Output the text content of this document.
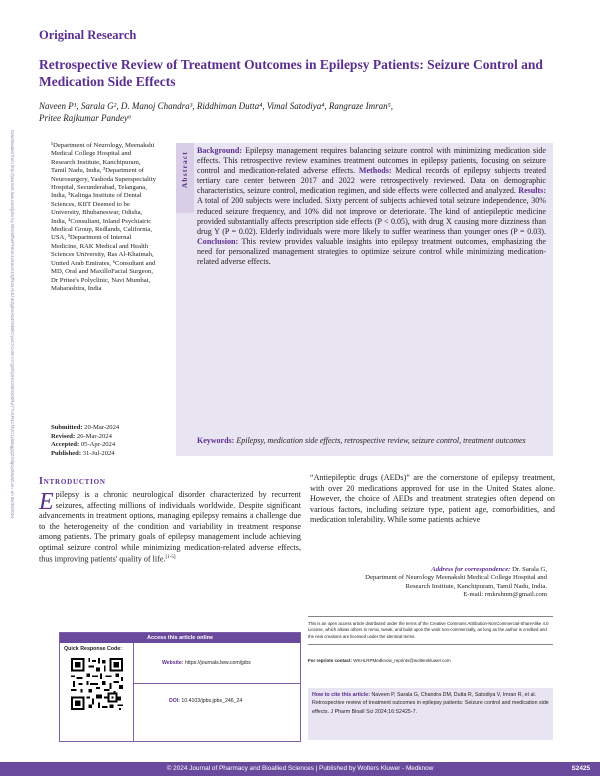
Downloaded from http://journals.lww.com/jpbs by BhDMf5ePHKav1zEoum1tQfN4a+kJLhEZgbsIHo4XMi0hCywCX1AW nYQp/IlQrHD3i3D0OdRyi7TvSFl4Cf3VC1y0abggQZXdgGj2MwlZLeI= on 05/30/2024
Original Research
Retrospective Review of Treatment Outcomes in Epilepsy Patients: Seizure Control and Medication Side Effects
Naveen P¹, Sarala G², D. Manoj Chandra³, Riddhiman Dutta⁴, Vimal Satodiya⁴, Rangraze Imran⁵,
Pritee Rajkumar Pandey⁶
¹Department of Neurology, Meenakshi Medical College Hospital and Research Institute, Kanchipuram, Tamil Nadu, India, ²Department of Neurosurgery, Yashoda Superspeciality Hospital, Secunderabad, Telangana, India, ³Kalinga Institute of Dental Sciences, KIIT Deemed to be University, Bhubaneswar, Odisha, India, ⁴Consultant, Inland Psychiatric Medical Group, Redlands, California, USA, ⁵Department of Internal Medicine, RAK Medical and Health Sciences University, Ras Al-Khaimah, United Arab Emirates, ⁶Consultant and MD, Oral and MaxilloFacial Surgeon, Dr Pritee's Polyclinic, Navi Mumbai, Maharashtra, India
Submitted: 20-Mar-2024
Revised: 26-Mar-2024
Accepted: 05-Apr-2024
Published: 31-Jul-2024
Abstract
Background: Epilepsy management requires balancing seizure control with minimizing medication side effects. This retrospective review examines treatment outcomes in epilepsy patients, focusing on seizure control and medication-related adverse effects. Methods: Medical records of epilepsy subjects treated tertiary care center between 2017 and 2022 were retrospectively reviewed. Data on demographic characteristics, seizure control, medication regimen, and side effects were collected and analyzed. Results: A total of 200 subjects were included. Sixty percent of subjects achieved total seizure independence, 30% reduced seizure frequency, and 10% did not improve or deteriorate. The kind of antiepileptic medicine provided substantially affects prescription side effects (P < 0.05), with drug X causing more dizziness than drug Y (P = 0.02). Elderly individuals were more likely to suffer weariness than younger ones (P = 0.03). Conclusion: This review provides valuable insights into epilepsy treatment outcomes, emphasizing the need for personalized management strategies to optimize seizure control while minimizing medication-related adverse effects.
Keywords: Epilepsy, medication side effects, retrospective review, seizure control, treatment outcomes
Introduction
Epilepsy is a chronic neurological disorder characterized by recurrent seizures, affecting millions of individuals worldwide. Despite significant advancements in treatment options, managing epilepsy remains a challenge due to the heterogeneity of the condition and variability in treatment response among patients. The primary goals of epilepsy management include achieving optimal seizure control while minimizing medication-related adverse effects, thus improving patients' quality of life.[1-5]
“Antiepileptic drugs (AEDs)” are the cornerstone of epilepsy treatment, with over 20 medications approved for use in the United States alone. However, the choice of AEDs and treatment strategies often depend on various factors, including seizure type, patient age, comorbidities, and medication tolerability. While some patients achieve
Address for correspondence: Dr. Sarala G,
Department of Neurology Meenakshi Medical College Hospital and Research Institute, Kanchipuram, Tamil Nadu, India.
E-mail: rmkrshnm@gmail.com
This is an open access article distributed under the terms of the Creative Commons Attribution-NonCommercial-ShareAlike 4.0 License, which allows others to remix, tweak, and build upon the work non-commercially, as long as the author is credited and the new creations are licensed under the identical terms.
For reprints contact: WKHLRPMedknow_reprints@wolterskluwer.com
How to cite this article: Naveen P, Sarala G, Chandra DM, Dutta R, Satodiya V, Imran R, et al. Retrospective review of treatment outcomes in epilepsy patients: Seizure control and medication side effects. J Pharm Bioall Sci 2024;16:S2425-7.
Access this article online
Quick Response Code:
Website: https://journals.lww.com/jpbs
DOI: 10.4103/jpbs.jpbs_246_24
© 2024 Journal of Pharmacy and Bioallied Sciences | Published by Wolters Kluwer - Medknow	S2425
